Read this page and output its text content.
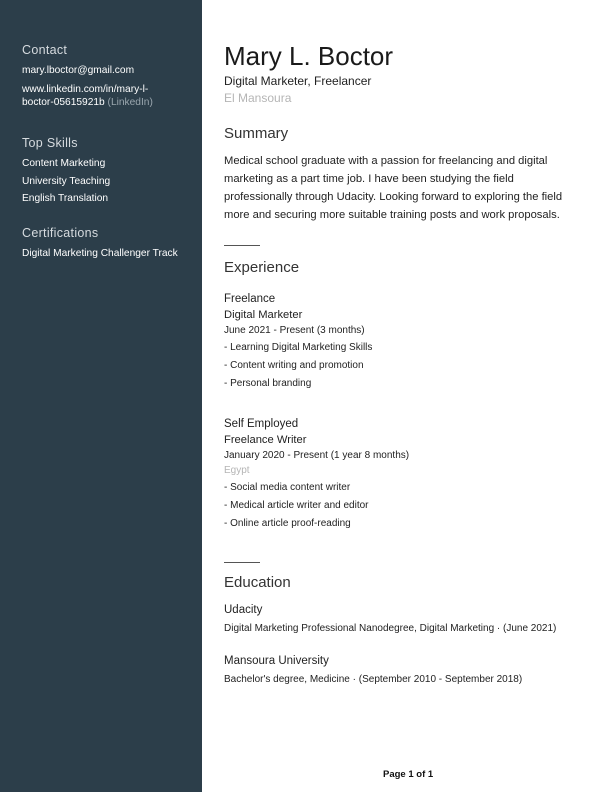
Contact
mary.lboctor@gmail.com
www.linkedin.com/in/mary-l-
boctor-05615921b (LinkedIn)
Top Skills
Content Marketing
University Teaching
English Translation
Certifications
Digital Marketing Challenger Track
Mary L. Boctor
Digital Marketer, Freelancer
El Mansoura
Summary
Medical school graduate with a passion for freelancing and digital
marketing as a part time job. I have been studying the field
professionally through Udacity. Looking forward to exploring the field
more and securing more suitable training posts and work proposals.
Experience
Freelance
Digital Marketer
June 2021 - Present (3 months)
- Learning Digital Marketing Skills
- Content writing and promotion
- Personal branding
Self Employed
Freelance Writer
January 2020 - Present (1 year 8 months)
Egypt
- Social media content writer
- Medical article writer and editor
- Online article proof-reading
Education
Udacity
Digital Marketing Professional Nanodegree, Digital Marketing · (June 2021)
Mansoura University
Bachelor's degree, Medicine · (September 2010 - September 2018)
Page 1 of 1
